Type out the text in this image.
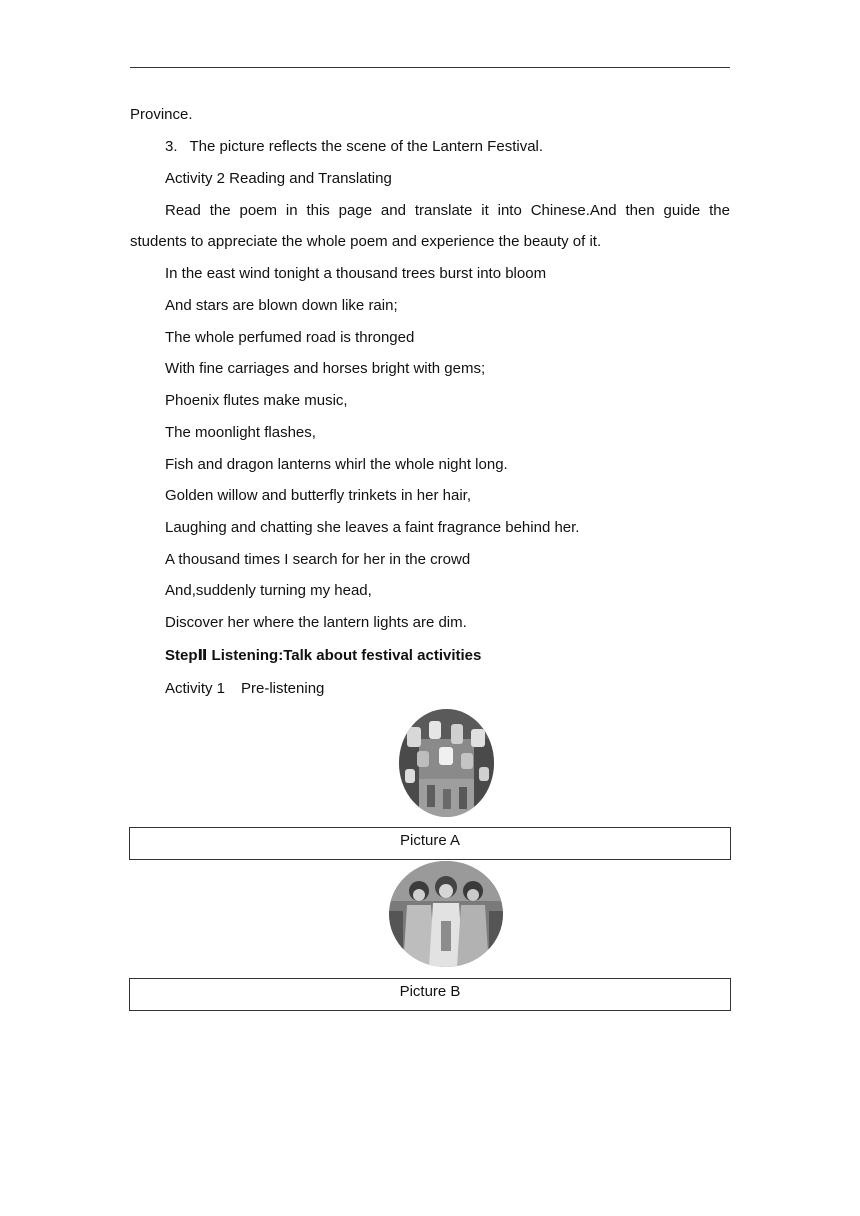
Province.
3. The picture reflects the scene of the Lantern Festival.
Activity 2 Reading and Translating
Read the poem in this page and translate it into Chinese.And then guide the
students to appreciate the whole poem and experience the beauty of it.
In the east wind tonight a thousand trees burst into bloom
And stars are blown down like rain;
The whole perfumed road is thronged
With fine carriages and horses bright with gems;
Phoenix flutes make music,
The moonlight flashes,
Fish and dragon lanterns whirl the whole night long.
Golden willow and butterfly trinkets in her hair,
Laughing and chatting she leaves a faint fragrance behind her.
A thousand times I search for her in the crowd
And,suddenly turning my head,
Discover her where the lantern lights are dim.
StepⅡ Listening:Talk about festival activities
Activity 1 Pre-listening
Picture A
Picture B
